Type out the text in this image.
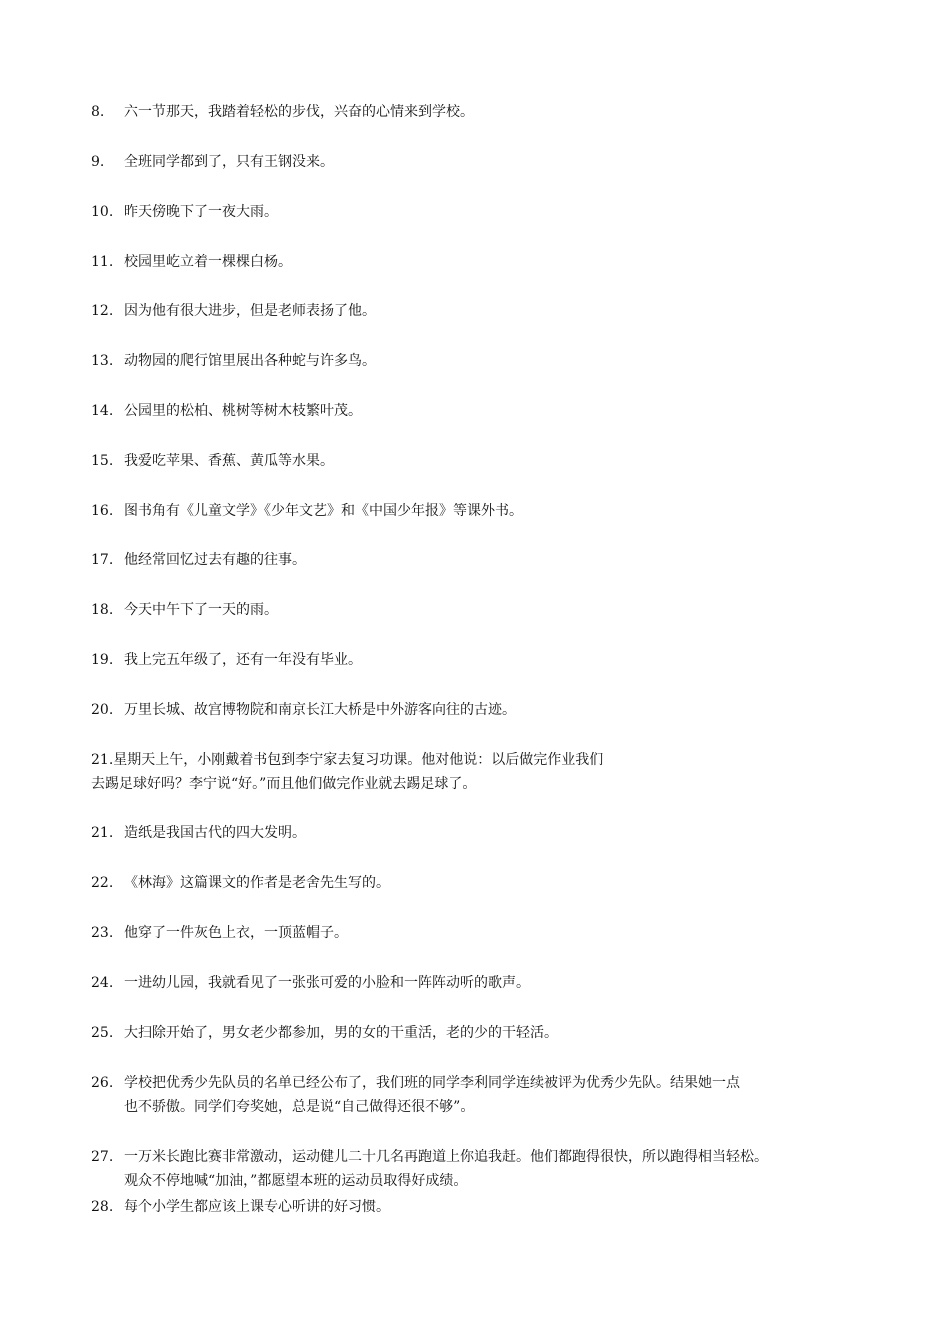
8. 六一节那天，我踏着轻松的步伐，兴奋的心情来到学校。
9. 全班同学都到了，只有王钢没来。
10. 昨天傍晚下了一夜大雨。
11. 校园里屹立着一棵棵白杨。
12. 因为他有很大进步，但是老师表扬了他。
13. 动物园的爬行馆里展出各种蛇与许多鸟。
14. 公园里的松柏、桃树等树木枝繁叶茂。
15. 我爱吃苹果、香蕉、黄瓜等水果。
16. 图书角有《儿童文学》《少年文艺》和《中国少年报》等课外书。
17. 他经常回忆过去有趣的往事。
18. 今天中午下了一天的雨。
19. 我上完五年级了，还有一年没有毕业。
20. 万里长城、故宫博物院和南京长江大桥是中外游客向往的古迹。
21.星期天上午，小刚戴着书包到李宁家去复习功课。他对他说：以后做完作业我们
去踢足球好吗？李宁说“好。”而且他们做完作业就去踢足球了。
21. 造纸是我国古代的四大发明。
22. 《林海》这篇课文的作者是老舍先生写的。
23. 他穿了一件灰色上衣，一顶蓝帽子。
24. 一进幼儿园，我就看见了一张张可爱的小脸和一阵阵动听的歌声。
25. 大扫除开始了，男女老少都参加，男的女的干重活，老的少的干轻活。
26. 学校把优秀少先队员的名单已经公布了，我们班的同学李利同学连续被评为优秀少先队。结果她一点
也不骄傲。同学们夸奖她，总是说“自己做得还很不够”。
27. 一万米长跑比赛非常激动，运动健儿二十几名再跑道上你追我赶。他们都跑得很快，所以跑得相当轻松。
观众不停地喊“加油，”都愿望本班的运动员取得好成绩。
28. 每个小学生都应该上课专心听讲的好习惯。
